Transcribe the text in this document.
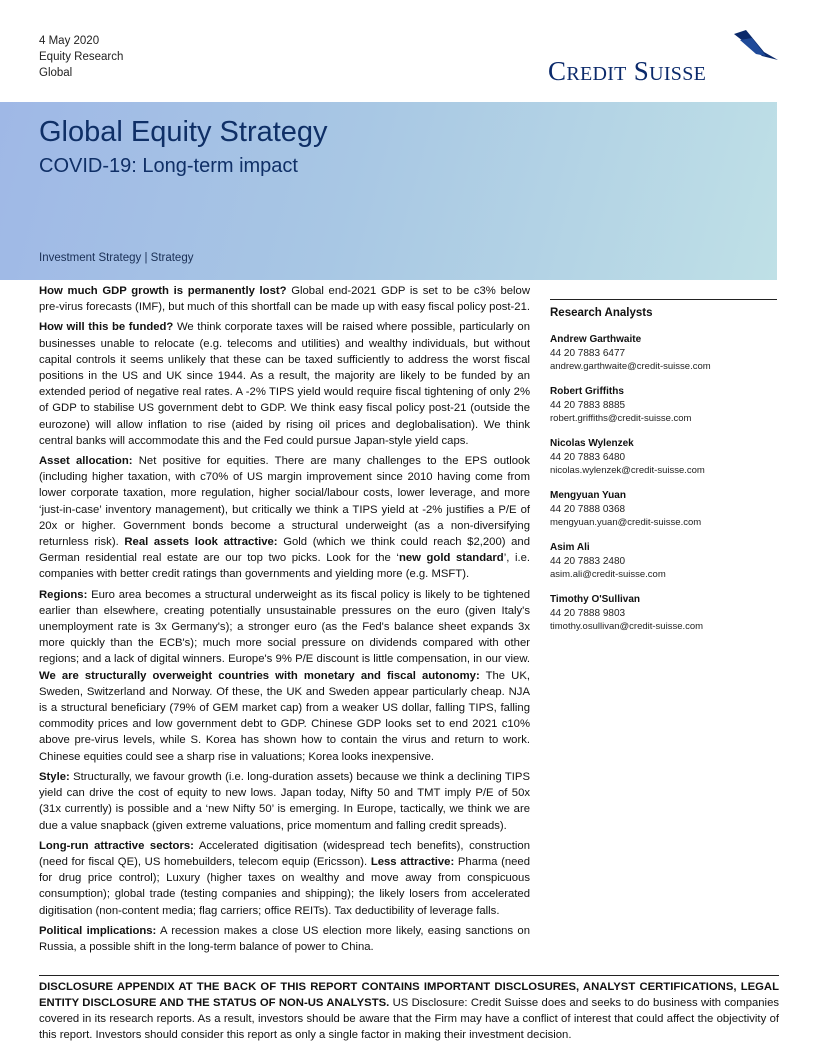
4 May 2020
Equity Research
Global	CREDIT SUISSE
Global Equity Strategy
COVID-19: Long-term impact
Investment Strategy | Strategy

How much GDP growth is permanently lost? Global end-2021 GDP is set to be c3% below pre-virus forecasts (IMF), but much of this shortfall can be made up with easy fiscal policy post-21.

How will this be funded? We think corporate taxes will be raised where possible, particularly on businesses unable to relocate (e.g. telecoms and utilities) and wealthy individuals, but without capital controls it seems unlikely that these can be taxed sufficiently to address the worst fiscal positions in the US and UK since 1944. As a result, the majority are likely to be funded by an extended period of negative real rates. A -2% TIPS yield would require fiscal tightening of only 2% of GDP to stabilise US government debt to GDP. We think easy fiscal policy post-21 (outside the eurozone) will allow inflation to rise (aided by rising oil prices and deglobalisation). We think central banks will accommodate this and the Fed could pursue Japan-style yield caps.

Asset allocation: Net positive for equities. There are many challenges to the EPS outlook (including higher taxation, with c70% of US margin improvement since 2010 having come from lower corporate taxation, more regulation, higher social/labour costs, lower leverage, and more ‘just-in-case’ inventory management), but critically we think a TIPS yield at -2% justifies a P/E of 20x or higher. Government bonds become a structural underweight (as a non-diversifying returnless risk). Real assets look attractive: Gold (which we think could reach $2,200) and German residential real estate are our top two picks. Look for the ‘new gold standard’, i.e. companies with better credit ratings than governments and yielding more (e.g. MSFT).

Regions: Euro area becomes a structural underweight as its fiscal policy is likely to be tightened earlier than elsewhere, creating potentially unsustainable pressures on the euro (given Italy's unemployment rate is 3x Germany's); a stronger euro (as the Fed's balance sheet expands 3x more quickly than the ECB's); much more social pressure on dividends compared with other regions; and a lack of digital winners. Europe's 9% P/E discount is little compensation, in our view. We are structurally overweight countries with monetary and fiscal autonomy: The UK, Sweden, Switzerland and Norway. Of these, the UK and Sweden appear particularly cheap. NJA is a structural beneficiary (79% of GEM market cap) from a weaker US dollar, falling TIPS, falling commodity prices and low government debt to GDP. Chinese GDP looks set to end 2021 c10% above pre-virus levels, while S. Korea has shown how to contain the virus and return to work. Chinese equities could see a sharp rise in valuations; Korea looks inexpensive.

Style: Structurally, we favour growth (i.e. long-duration assets) because we think a declining TIPS yield can drive the cost of equity to new lows. Japan today, Nifty 50 and TMT imply P/E of 50x (31x currently) is possible and a ‘new Nifty 50’ is emerging. In Europe, tactically, we think we are due a value snapback (given extreme valuations, price momentum and falling credit spreads).

Long-run attractive sectors: Accelerated digitisation (widespread tech benefits), construction (need for fiscal QE), US homebuilders, telecom equip (Ericsson). Less attractive: Pharma (need for drug price control); Luxury (higher taxes on wealthy and move away from conspicuous consumption); global trade (testing companies and shipping); the likely losers from accelerated digitisation (non-content media; flag carriers; office REITs). Tax deductibility of leverage falls.

Political implications: A recession makes a close US election more likely, easing sanctions on Russia, a possible shift in the long-term balance of power to China.

Research Analysts
Andrew Garthwaite
44 20 7883 6477
andrew.garthwaite@credit-suisse.com
Robert Griffiths
44 20 7883 8885
robert.griffiths@credit-suisse.com
Nicolas Wylenzek
44 20 7883 6480
nicolas.wylenzek@credit-suisse.com
Mengyuan Yuan
44 20 7888 0368
mengyuan.yuan@credit-suisse.com
Asim Ali
44 20 7883 2480
asim.ali@credit-suisse.com
Timothy O'Sullivan
44 20 7888 9803
timothy.osullivan@credit-suisse.com
DISCLOSURE APPENDIX AT THE BACK OF THIS REPORT CONTAINS IMPORTANT DISCLOSURES, ANALYST CERTIFICATIONS, LEGAL ENTITY DISCLOSURE AND THE STATUS OF NON-US ANALYSTS. US Disclosure: Credit Suisse does and seeks to do business with companies covered in its research reports. As a result, investors should be aware that the Firm may have a conflict of interest that could affect the objectivity of this report. Investors should consider this report as only a single factor in making their investment decision.
